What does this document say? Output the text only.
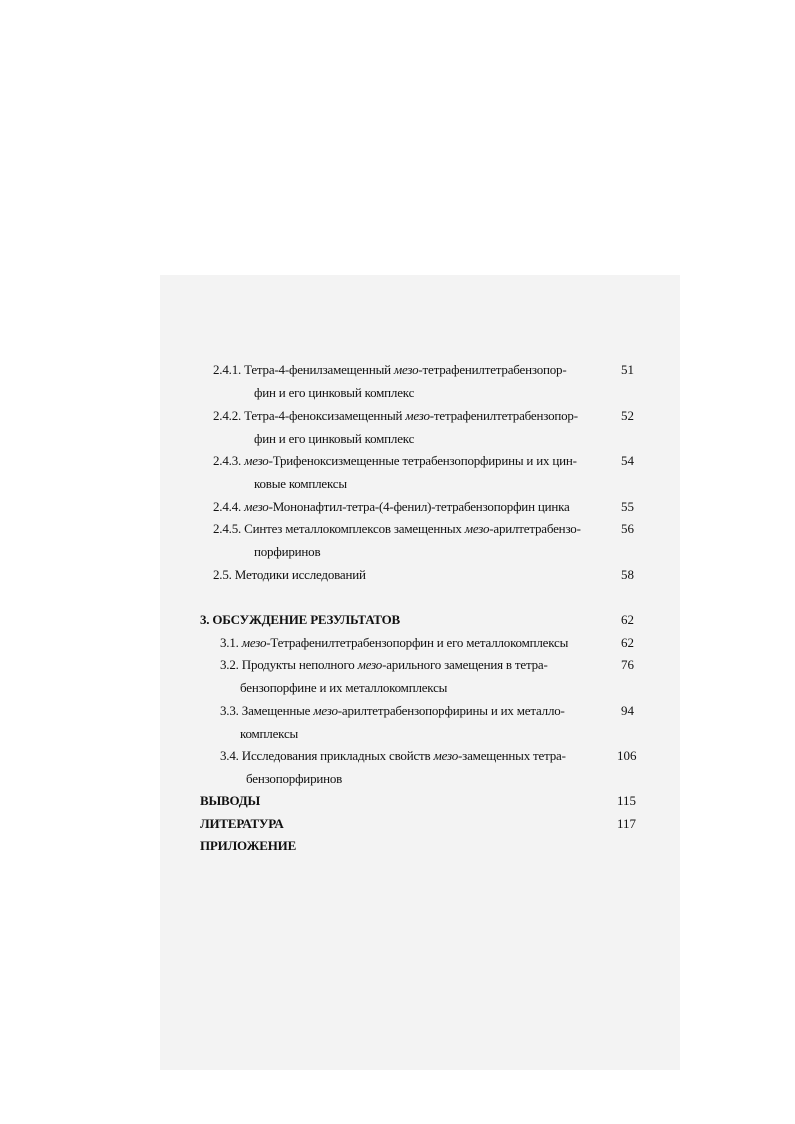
2.4.1. Тетра-4-фенилзамещенный мезо-тетрафенилтетрабензопор-	51
фин и его цинковый комплекс
2.4.2. Тетра-4-феноксизамещенный мезо-тетрафенилтетрабензопор-	52
фин и его цинковый комплекс
2.4.3. мезо-Трифеноксизмещенные тетрабензопорфирины и их цин-	54
ковые комплексы
2.4.4. мезо-Мононафтил-тетра-(4-фенил)-тетрабензопорфин цинка	55
2.4.5. Синтез металлокомплексов замещенных мезо-арилтетрабензо-	56
порфиринов
2.5. Методики исследований	58
3. ОБСУЖДЕНИЕ РЕЗУЛЬТАТОВ	62
3.1. мезо-Тетрафенилтетрабензопорфин и его металлокомплексы	62
3.2. Продукты неполного мезо-арильного замещения в тетра-	76
бензопорфине и их металлокомплексы
3.3. Замещенные мезо-арилтетрабензопорфирины и их металло-	94
комплексы
3.4. Исследования прикладных свойств мезо-замещенных тетра-	106
бензопорфиринов
ВЫВОДЫ	115
ЛИТЕРАТУРА	117
ПРИЛОЖЕНИЕ
